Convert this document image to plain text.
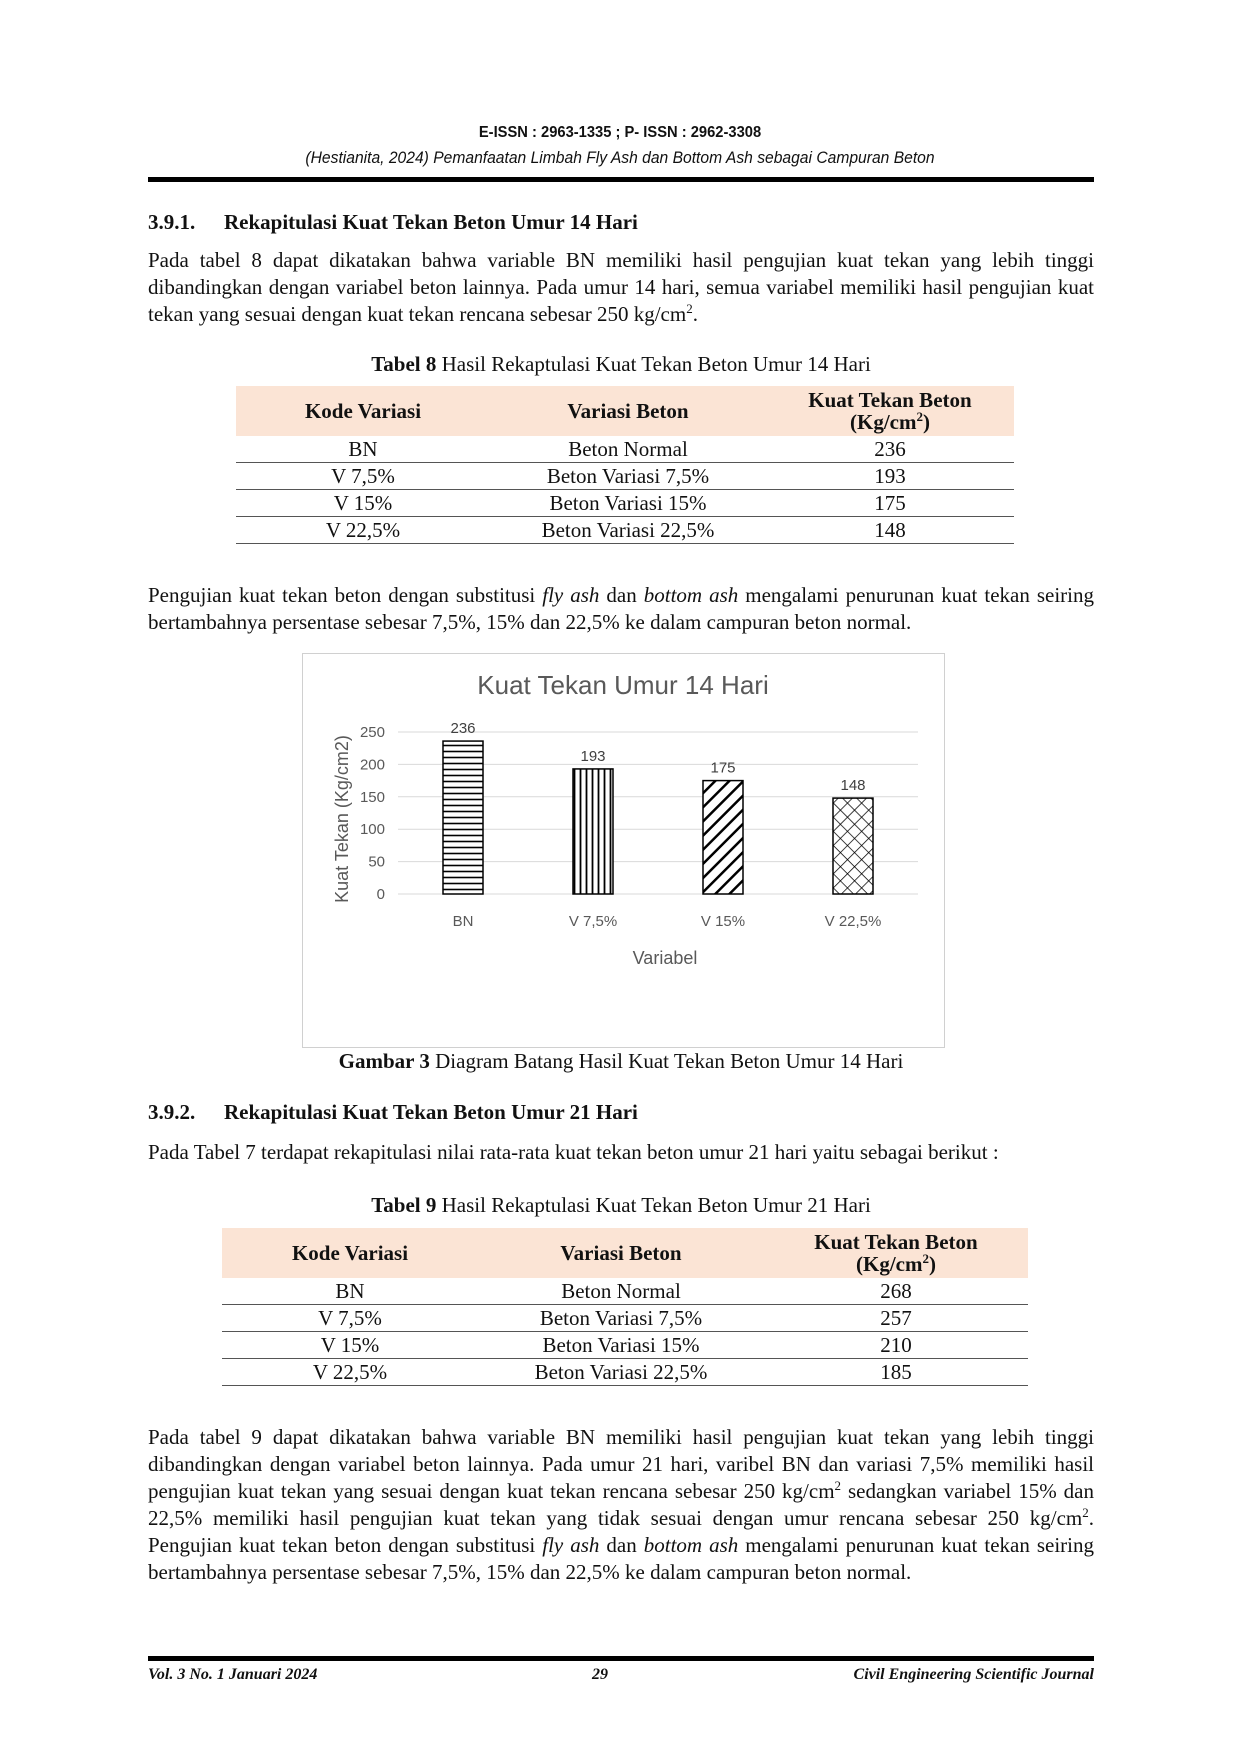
E-ISSN : 2963-1335 ; P- ISSN : 2962-3308
(Hestianita, 2024) Pemanfaatan Limbah Fly Ash dan Bottom Ash sebagai Campuran Beton
3.9.1. Rekapitulasi Kuat Tekan Beton Umur 14 Hari
Pada tabel 8 dapat dikatakan bahwa variable BN memiliki hasil pengujian kuat tekan yang lebih tinggi dibandingkan dengan variabel beton lainnya. Pada umur 14 hari, semua variabel memiliki hasil pengujian kuat tekan yang sesuai dengan kuat tekan rencana sebesar 250 $kg/cm^2$.
Tabel 8 Hasil Rekaptulasi Kuat Tekan Beton Umur 14 Hari
Kode Variasi	Variasi Beton	Kuat Tekan Beton
$(Kg/cm^2)$
BN	Beton Normal	236
V 7,5%	Beton Variasi 7,5%	193
V 15%	Beton Variasi 15%	175
V 22,5%	Beton Variasi 22,5%	148
Pengujian kuat tekan beton dengan substitusi fly ash dan bottom ash mengalami penurunan kuat tekan seiring bertambahnya persentase sebesar 7,5%, 15% dan 22,5% ke dalam campuran beton normal.
Kuat Tekan Umur 14 Hari
Kuat Tekan (Kg/cm2)
Variabel
0
50
100
150
200
250	236
193
175
148
BN	V 7,5%	V 15%	V 22,5%
Gambar 3 Diagram Batang Hasil Kuat Tekan Beton Umur 14 Hari
3.9.2. Rekapitulasi Kuat Tekan Beton Umur 21 Hari
Pada Tabel 7 terdapat rekapitulasi nilai rata-rata kuat tekan beton umur 21 hari yaitu sebagai berikut :
Tabel 9 Hasil Rekaptulasi Kuat Tekan Beton Umur 21 Hari
Kode Variasi	Variasi Beton	Kuat Tekan Beton
$(Kg/cm^2)$
BN	Beton Normal	268
V 7,5%	Beton Variasi 7,5%	257
V 15%	Beton Variasi 15%	210
V 22,5%	Beton Variasi 22,5%	185
Pada tabel 9 dapat dikatakan bahwa variable BN memiliki hasil pengujian kuat tekan yang lebih tinggi dibandingkan dengan variabel beton lainnya. Pada umur 21 hari, varibel BN dan variasi 7,5% memiliki hasil pengujian kuat tekan yang sesuai dengan kuat tekan rencana sebesar 250 $kg/cm^2$ sedangkan variabel 15% dan 22,5% memiliki hasil pengujian kuat tekan yang tidak sesuai dengan umur rencana sebesar 250 $kg/cm^2$. Pengujian kuat tekan beton dengan substitusi fly ash dan bottom ash mengalami penurunan kuat tekan seiring bertambahnya persentase sebesar 7,5%, 15% dan 22,5% ke dalam campuran beton normal.
Vol. 3 No. 1 Januari 2024	29	Civil Engineering Scientific Journal
